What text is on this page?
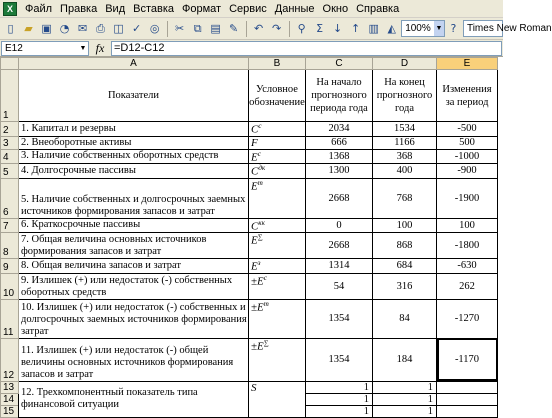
X	Файл Правка Вид Вставка Формат Сервис Данные Окно Справка
▯ ▰ ▣ ◔ ✉ ⎙ ◫ ✓ ◎	✂ ⧉ ▤ ✎	↶ ↷	⚲ Σ ↓ ↑ ▥ ◭ 100% ▼ ?	Times New Roman
E12	▼ fx =D12-C12
	A	B	C	D	E
1	Показатели	Условное обозначение	На начало прогнозного периода года	На конец прогнозного года	Изменения за период
2	1. Капитал и резервы	$C^с$	2034	1534	-500
3	2. Внеоборотные активы	F	666	1166	500
4	3. Наличие собственных оборотных средств	$E^с$	1368	368	-1000
5	4. Долгосрочные пассивы	$C^{дк}$	1300	400	-900
6	5. Наличие собственных и долгосрочных заемных источников формирования запасов и затрат	$E^т$	2668	768	-1900
7	6. Краткосрочные пассивы	$C^{кк}$	0	100	100
8	7. Общая величина основных источников формирования запасов и затрат	E∑	2668	868	-1800
9	8. Общая величина запасов и затрат	$E^з$	1314	684	-630
10	9. Излишек (+) или недостаток (-) собственных оборотных средств	$\pm E^с$	54	316	262
11	10. Излишек (+) или недостаток (-) собственных и долгосрочных заемных источников формирования затрат	$\pm E^т$	1354	84	-1270
12	11. Излишек (+) или недостаток (-) общей величины основных источников формирования запасов и затрат	±E∑	1354	184	-1170
13	12. Трехкомпонентный показатель типа финансовой ситуации	$\overline{S}$	1	1	
14			1	1	
15			1	1	
